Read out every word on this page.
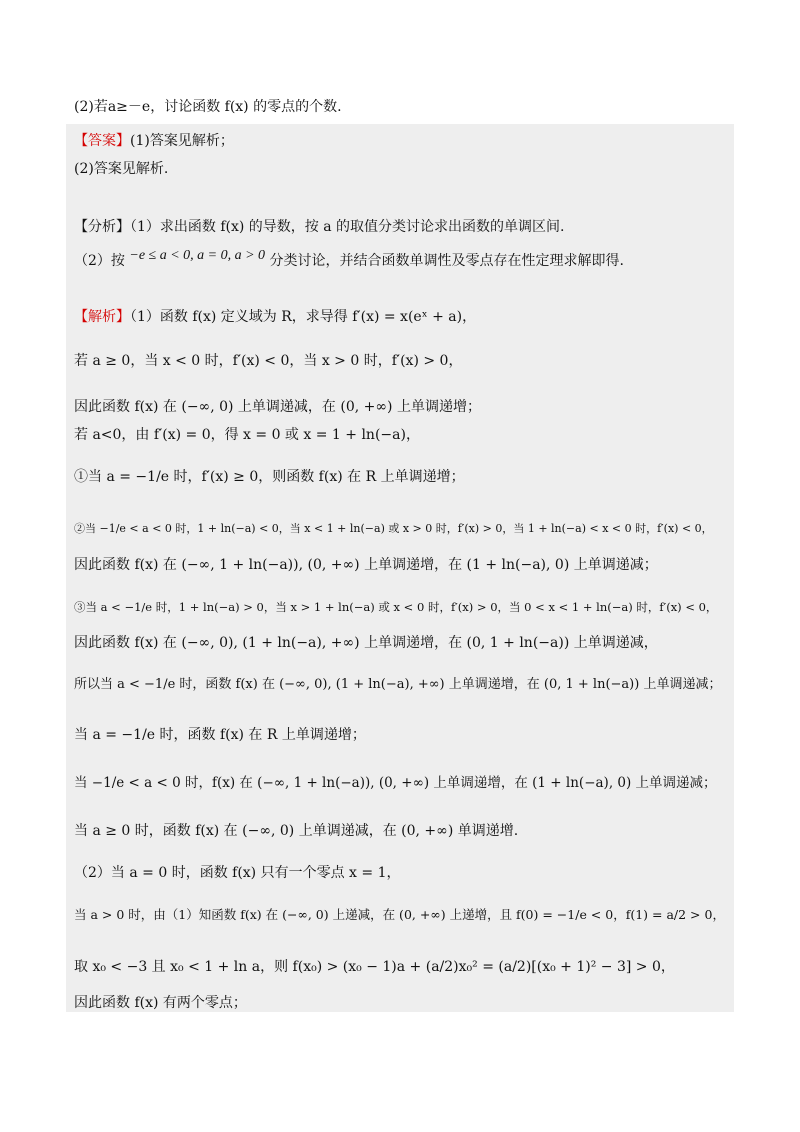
(2)若a≥－e，讨论函数 f(x) 的零点的个数.
【答案】(1)答案见解析；
(2)答案见解析.
【分析】（1）求出函数 f(x) 的导数，按 a 的取值分类讨论求出函数的单调区间.
（2）按 −e ≤ a < 0, a = 0, a > 0 分类讨论，并结合函数单调性及零点存在性定理求解即得.
【解析】（1）函数 f(x) 定义域为 R，求导得 f′(x) = x(eˣ + a)，
若 a ≥ 0，当 x < 0 时，f′(x) < 0，当 x > 0 时，f′(x) > 0，
因此函数 f(x) 在 (−∞, 0) 上单调递减，在 (0, +∞) 上单调递增；
若 a<0，由 f′(x) = 0，得 x = 0 或 x = 1 + ln(−a)，
①当 a = −1/e 时，f′(x) ≥ 0，则函数 f(x) 在 R 上单调递增；
②当 −1/e < a < 0 时，1 + ln(−a) < 0，当 x < 1 + ln(−a) 或 x > 0 时，f′(x) > 0，当 1 + ln(−a) < x < 0 时，f′(x) < 0，
因此函数 f(x) 在 (−∞, 1 + ln(−a)), (0, +∞) 上单调递增，在 (1 + ln(−a), 0) 上单调递减；
③当 a < −1/e 时，1 + ln(−a) > 0，当 x > 1 + ln(−a) 或 x < 0 时，f′(x) > 0，当 0 < x < 1 + ln(−a) 时，f′(x) < 0，
因此函数 f(x) 在 (−∞, 0), (1 + ln(−a), +∞) 上单调递增，在 (0, 1 + ln(−a)) 上单调递减，
所以当 a < −1/e 时，函数 f(x) 在 (−∞, 0), (1 + ln(−a), +∞) 上单调递增，在 (0, 1 + ln(−a)) 上单调递减；
当 a = −1/e 时，函数 f(x) 在 R 上单调递增；
当 −1/e < a < 0 时，f(x) 在 (−∞, 1 + ln(−a)), (0, +∞) 上单调递增，在 (1 + ln(−a), 0) 上单调递减；
当 a ≥ 0 时，函数 f(x) 在 (−∞, 0) 上单调递减，在 (0, +∞) 单调递增.
（2）当 a = 0 时，函数 f(x) 只有一个零点 x = 1，
当 a > 0 时，由（1）知函数 f(x) 在 (−∞, 0) 上递减，在 (0, +∞) 上递增，且 f(0) = −1/e < 0，f(1) = a/2 > 0，
取 x₀ < −3 且 x₀ < 1 + ln a，则 f(x₀) > (x₀ − 1)a + (a/2)x₀² = (a/2)[(x₀ + 1)² − 3] > 0，
因此函数 f(x) 有两个零点；
